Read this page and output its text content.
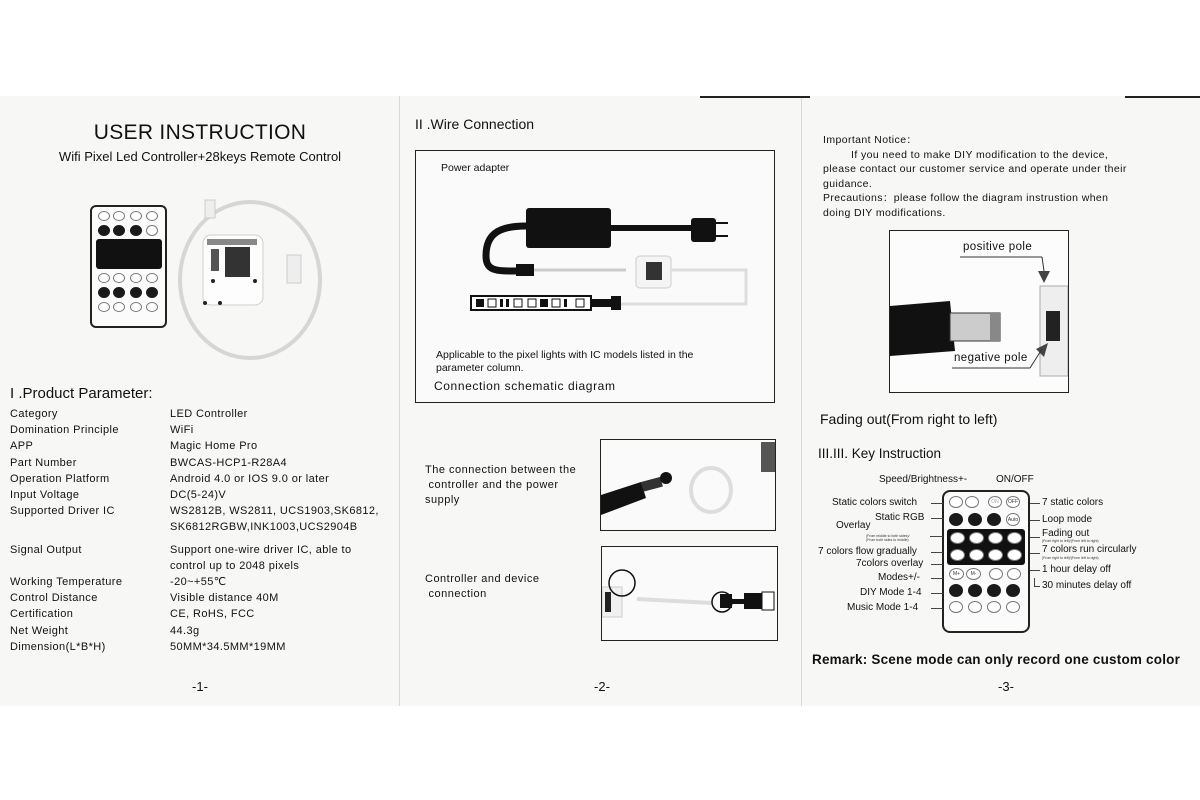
USER INSTRUCTION
Wifi Pixel Led Controller+28keys Remote Control
I .Product Parameter:
Category	LED Controller
Domination Principle	WiFi
APP	Magic Home Pro
Part Number	BWCAS-HCP1-R28A4
Operation Platform	Android 4.0 or IOS 9.0 or later
Input Voltage	DC(5-24)V
Supported Driver IC	WS2812B, WS2811, UCS1903,SK6812,
SK6812RGBW,INK1003,UCS2904B
Signal Output	Support one-wire driver IC, able to
control up to 2048 pixels
Working Temperature	-20~+55℃
Control Distance	Visible distance 40M
Certification	CE, RoHS, FCC
Net Weight	44.3g
Dimension(L*B*H)	50MM*34.5MM*19MM
-1-
II .Wire Connection
Power adapter
Applicable to the pixel lights with IC models listed in the
parameter column.
Connection schematic diagram
The connection between the
controller and the power
supply
Controller and device
connection
-2-
Important Notice：
If you need to make DIY modification to the device,
please contact our customer service and operate under their
guidance.
Precautions：please follow the diagram instrustion when
doing DIY modifications.
positive pole
negative pole
Fading out(From right to left)
III.III. Key Instruction
Speed/Brightness+-	ON/OFF
ON	OFF
Auto
M+	M-
Static colors switch
Static RGB
Overlay
(From middle to both sides)/
(From both sides to middle)
7 colors flow gradually
7colors overlay
Modes+/-
DIY Mode 1-4
Music Mode 1-4
7 static colors
Loop mode
Fading out
(From right to left)/(From left to right)
7 colors run circularly
(From right to left)/(From left to right)
1 hour delay off
30 minutes delay off
Remark: Scene mode can only record one custom color
-3-
